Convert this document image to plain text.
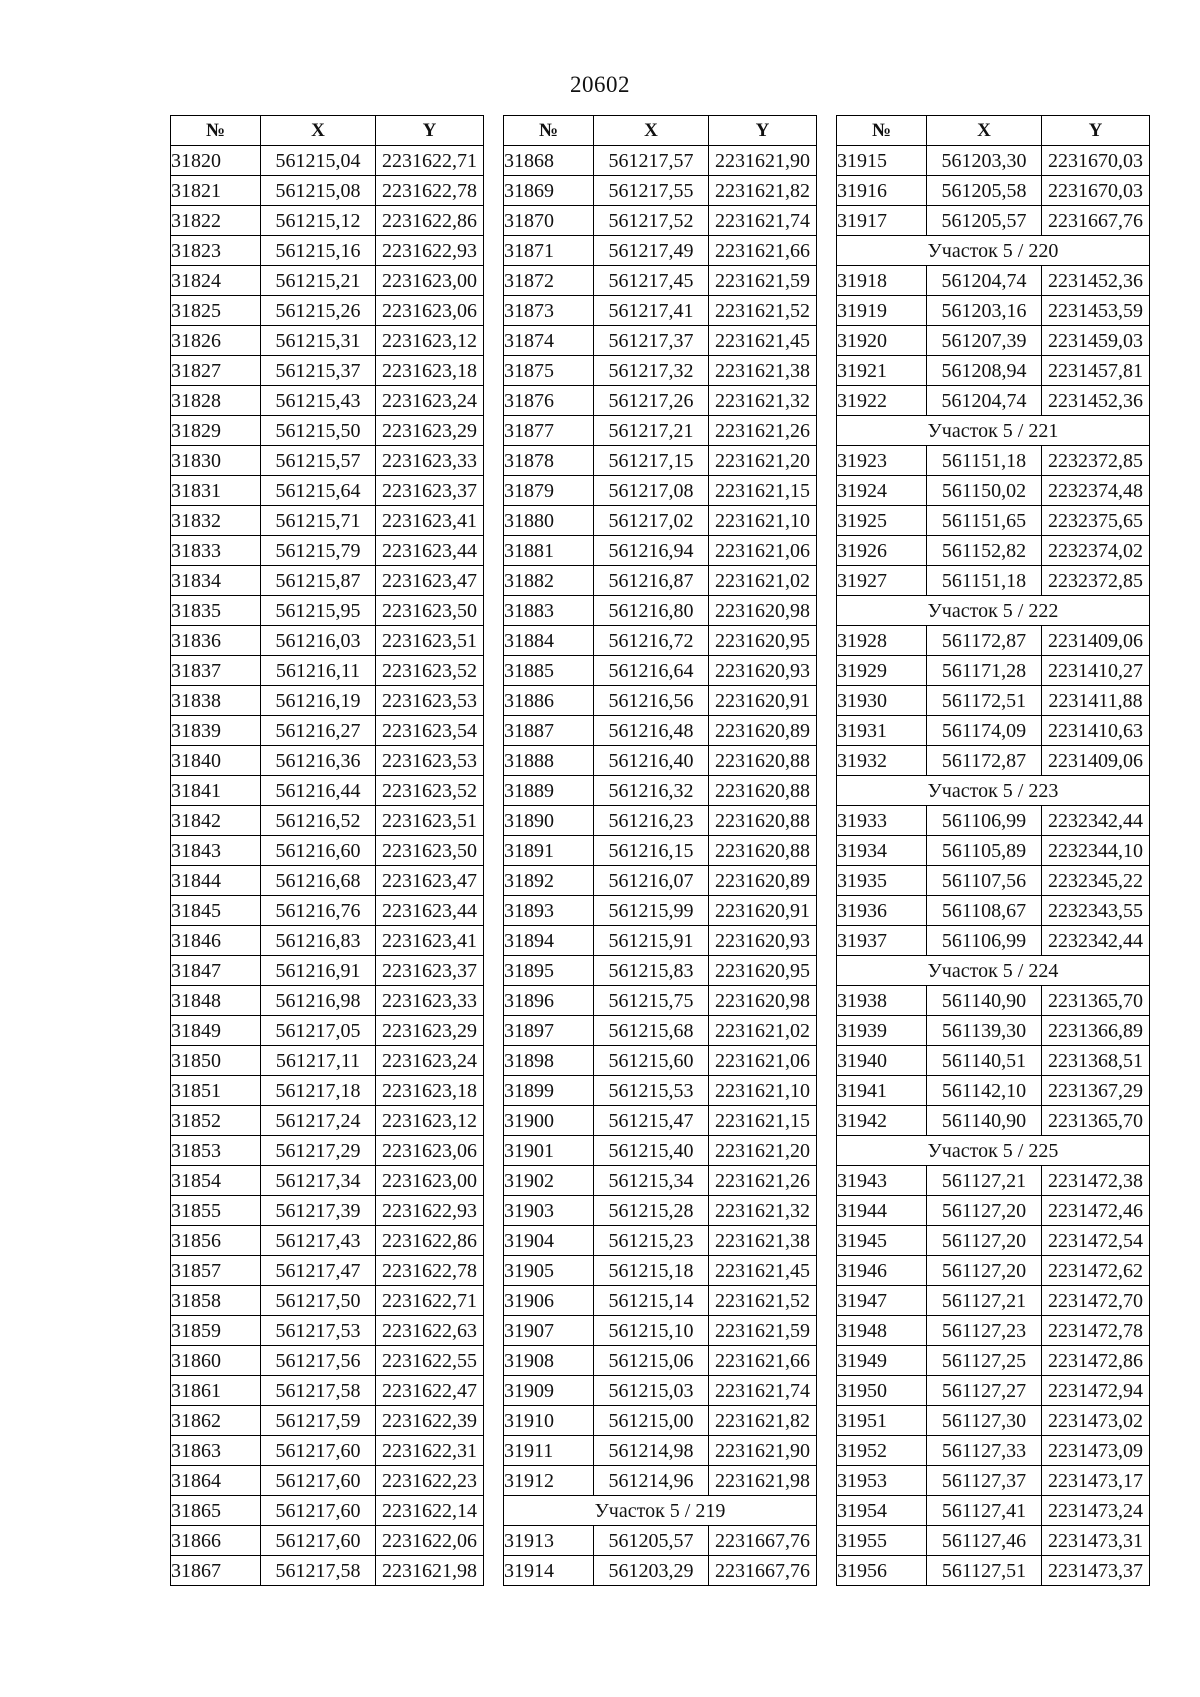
20602
№	X	Y
31820	561215,04	2231622,71
31821	561215,08	2231622,78
31822	561215,12	2231622,86
31823	561215,16	2231622,93
31824	561215,21	2231623,00
31825	561215,26	2231623,06
31826	561215,31	2231623,12
31827	561215,37	2231623,18
31828	561215,43	2231623,24
31829	561215,50	2231623,29
31830	561215,57	2231623,33
31831	561215,64	2231623,37
31832	561215,71	2231623,41
31833	561215,79	2231623,44
31834	561215,87	2231623,47
31835	561215,95	2231623,50
31836	561216,03	2231623,51
31837	561216,11	2231623,52
31838	561216,19	2231623,53
31839	561216,27	2231623,54
31840	561216,36	2231623,53
31841	561216,44	2231623,52
31842	561216,52	2231623,51
31843	561216,60	2231623,50
31844	561216,68	2231623,47
31845	561216,76	2231623,44
31846	561216,83	2231623,41
31847	561216,91	2231623,37
31848	561216,98	2231623,33
31849	561217,05	2231623,29
31850	561217,11	2231623,24
31851	561217,18	2231623,18
31852	561217,24	2231623,12
31853	561217,29	2231623,06
31854	561217,34	2231623,00
31855	561217,39	2231622,93
31856	561217,43	2231622,86
31857	561217,47	2231622,78
31858	561217,50	2231622,71
31859	561217,53	2231622,63
31860	561217,56	2231622,55
31861	561217,58	2231622,47
31862	561217,59	2231622,39
31863	561217,60	2231622,31
31864	561217,60	2231622,23
31865	561217,60	2231622,14
31866	561217,60	2231622,06
31867	561217,58	2231621,98
№	X	Y
31868	561217,57	2231621,90
31869	561217,55	2231621,82
31870	561217,52	2231621,74
31871	561217,49	2231621,66
31872	561217,45	2231621,59
31873	561217,41	2231621,52
31874	561217,37	2231621,45
31875	561217,32	2231621,38
31876	561217,26	2231621,32
31877	561217,21	2231621,26
31878	561217,15	2231621,20
31879	561217,08	2231621,15
31880	561217,02	2231621,10
31881	561216,94	2231621,06
31882	561216,87	2231621,02
31883	561216,80	2231620,98
31884	561216,72	2231620,95
31885	561216,64	2231620,93
31886	561216,56	2231620,91
31887	561216,48	2231620,89
31888	561216,40	2231620,88
31889	561216,32	2231620,88
31890	561216,23	2231620,88
31891	561216,15	2231620,88
31892	561216,07	2231620,89
31893	561215,99	2231620,91
31894	561215,91	2231620,93
31895	561215,83	2231620,95
31896	561215,75	2231620,98
31897	561215,68	2231621,02
31898	561215,60	2231621,06
31899	561215,53	2231621,10
31900	561215,47	2231621,15
31901	561215,40	2231621,20
31902	561215,34	2231621,26
31903	561215,28	2231621,32
31904	561215,23	2231621,38
31905	561215,18	2231621,45
31906	561215,14	2231621,52
31907	561215,10	2231621,59
31908	561215,06	2231621,66
31909	561215,03	2231621,74
31910	561215,00	2231621,82
31911	561214,98	2231621,90
31912	561214,96	2231621,98
Участок 5 / 219		
31913	561205,57	2231667,76
31914	561203,29	2231667,76
№	X	Y
31915	561203,30	2231670,03
31916	561205,58	2231670,03
31917	561205,57	2231667,76
Участок 5 / 220		
31918	561204,74	2231452,36
31919	561203,16	2231453,59
31920	561207,39	2231459,03
31921	561208,94	2231457,81
31922	561204,74	2231452,36
Участок 5 / 221		
31923	561151,18	2232372,85
31924	561150,02	2232374,48
31925	561151,65	2232375,65
31926	561152,82	2232374,02
31927	561151,18	2232372,85
Участок 5 / 222		
31928	561172,87	2231409,06
31929	561171,28	2231410,27
31930	561172,51	2231411,88
31931	561174,09	2231410,63
31932	561172,87	2231409,06
Участок 5 / 223		
31933	561106,99	2232342,44
31934	561105,89	2232344,10
31935	561107,56	2232345,22
31936	561108,67	2232343,55
31937	561106,99	2232342,44
Участок 5 / 224		
31938	561140,90	2231365,70
31939	561139,30	2231366,89
31940	561140,51	2231368,51
31941	561142,10	2231367,29
31942	561140,90	2231365,70
Участок 5 / 225		
31943	561127,21	2231472,38
31944	561127,20	2231472,46
31945	561127,20	2231472,54
31946	561127,20	2231472,62
31947	561127,21	2231472,70
31948	561127,23	2231472,78
31949	561127,25	2231472,86
31950	561127,27	2231472,94
31951	561127,30	2231473,02
31952	561127,33	2231473,09
31953	561127,37	2231473,17
31954	561127,41	2231473,24
31955	561127,46	2231473,31
31956	561127,51	2231473,37
